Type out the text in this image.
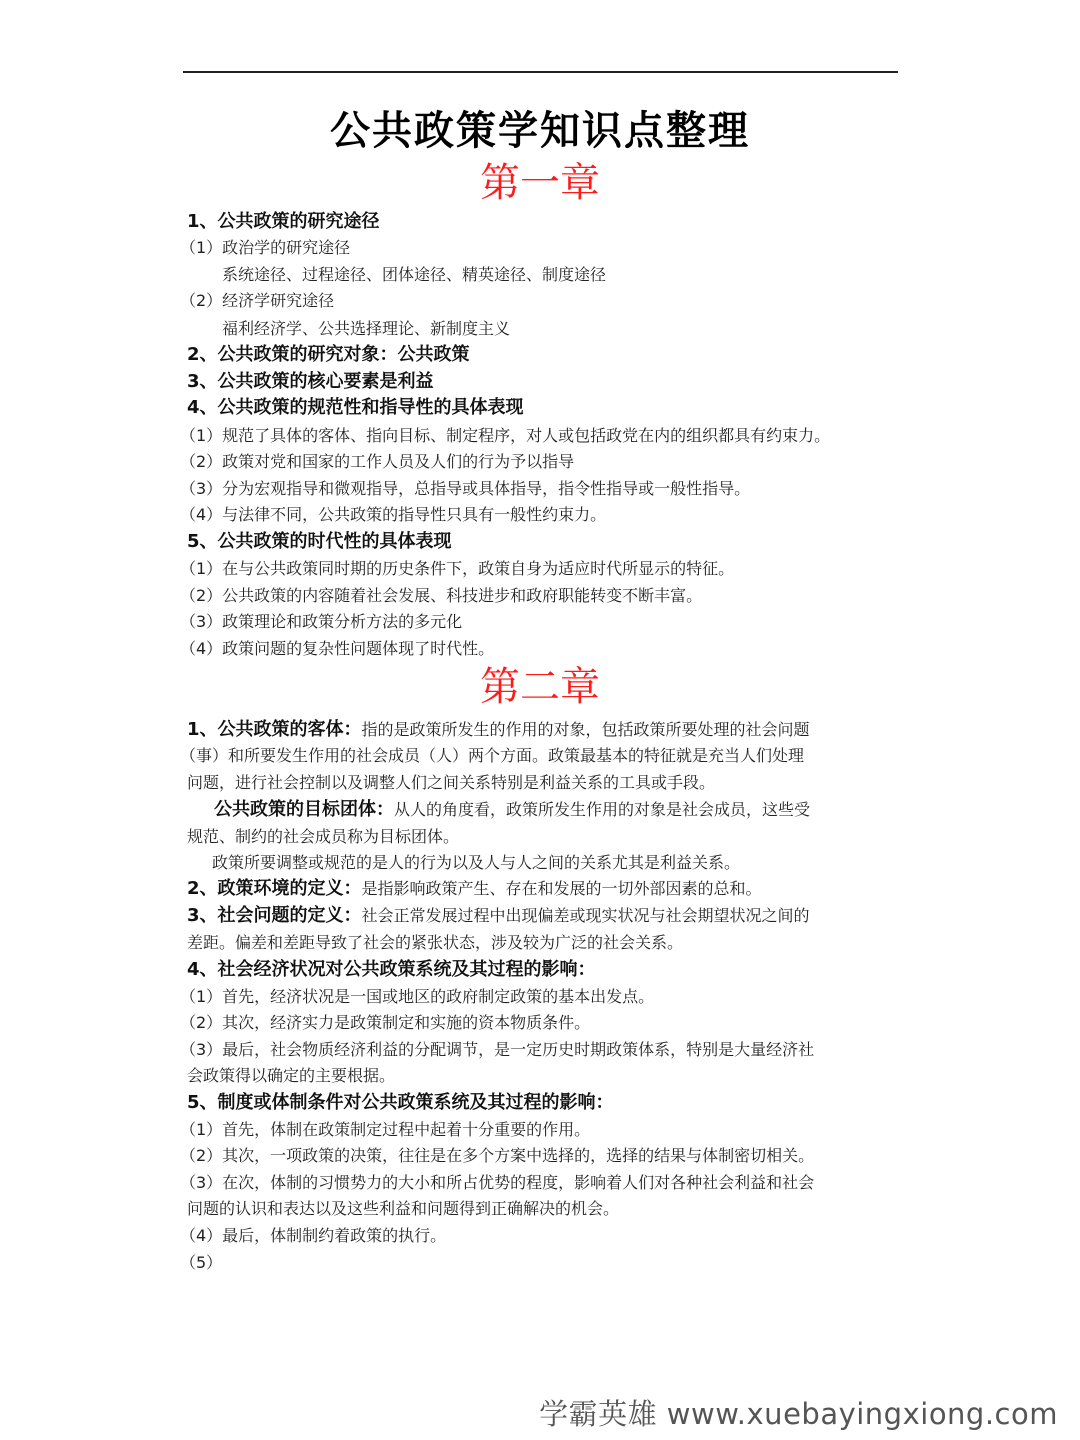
公共政策学知识点整理
第一章
1、公共政策的研究途径
（1）政治学的研究途径
系统途径、过程途径、团体途径、精英途径、制度途径
（2）经济学研究途径
福利经济学、公共选择理论、新制度主义
2、公共政策的研究对象：公共政策
3、公共政策的核心要素是利益
4、公共政策的规范性和指导性的具体表现
（1）规范了具体的客体、指向目标、制定程序，对人或包括政党在内的组织都具有约束力。
（2）政策对党和国家的工作人员及人们的行为予以指导
（3）分为宏观指导和微观指导，总指导或具体指导，指令性指导或一般性指导。
（4）与法律不同，公共政策的指导性只具有一般性约束力。
5、公共政策的时代性的具体表现
（1）在与公共政策同时期的历史条件下，政策自身为适应时代所显示的特征。
（2）公共政策的内容随着社会发展、科技进步和政府职能转变不断丰富。
（3）政策理论和政策分析方法的多元化
（4）政策问题的复杂性问题体现了时代性。
第二章
1、公共政策的客体：指的是政策所发生的作用的对象，包括政策所要处理的社会问题
（事）和所要发生作用的社会成员（人）两个方面。政策最基本的特征就是充当人们处理
问题，进行社会控制以及调整人们之间关系特别是利益关系的工具或手段。
公共政策的目标团体：从人的角度看，政策所发生作用的对象是社会成员，这些受
规范、制约的社会成员称为目标团体。
政策所要调整或规范的是人的行为以及人与人之间的关系尤其是利益关系。
2、政策环境的定义：是指影响政策产生、存在和发展的一切外部因素的总和。
3、社会问题的定义：社会正常发展过程中出现偏差或现实状况与社会期望状况之间的
差距。偏差和差距导致了社会的紧张状态，涉及较为广泛的社会关系。
4、社会经济状况对公共政策系统及其过程的影响：
（1）首先，经济状况是一国或地区的政府制定政策的基本出发点。
（2）其次，经济实力是政策制定和实施的资本物质条件。
（3）最后，社会物质经济利益的分配调节，是一定历史时期政策体系，特别是大量经济社
会政策得以确定的主要根据。
5、制度或体制条件对公共政策系统及其过程的影响：
（1）首先，体制在政策制定过程中起着十分重要的作用。
（2）其次，一项政策的决策，往往是在多个方案中选择的，选择的结果与体制密切相关。
（3）在次，体制的习惯势力的大小和所占优势的程度，影响着人们对各种社会利益和社会
问题的认识和表达以及这些利益和问题得到正确解决的机会。
（4）最后，体制制约着政策的执行。
（5）
学霸英雄 www.xuebayingxiong.com
